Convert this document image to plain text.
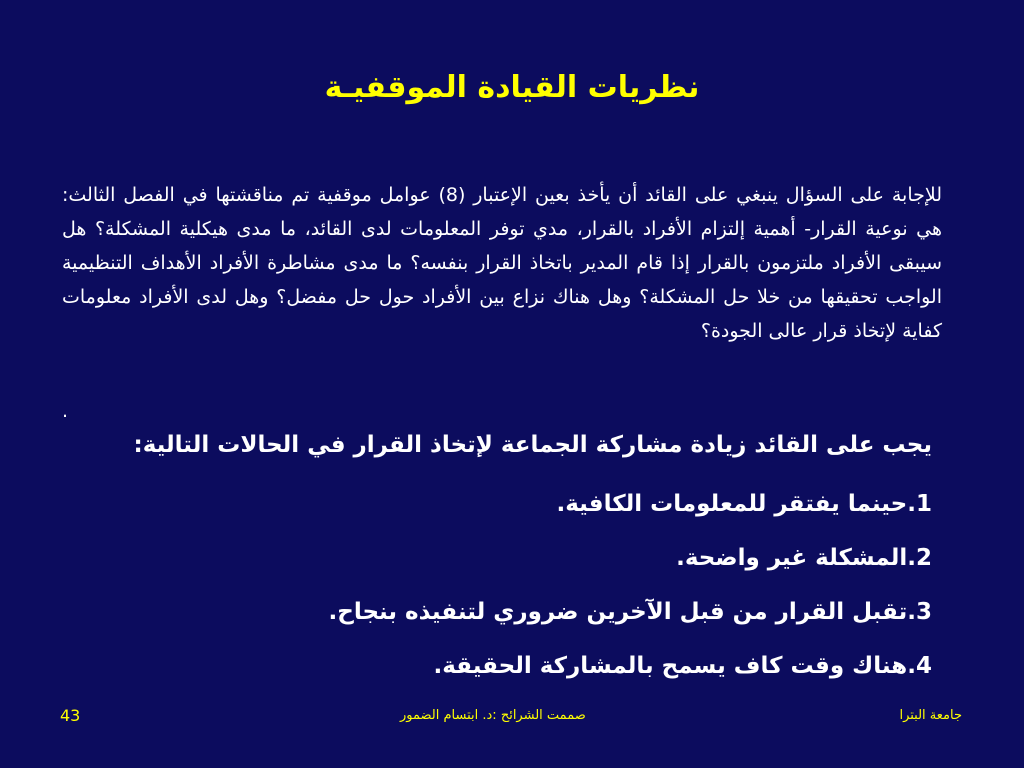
نظريات القيادة الموقفيـة
للإجابة على السؤال ينبغي على القائد أن يأخذ بعين الإعتبار (8) عوامل موقفية تم مناقشتها في الفصل الثالث: هي نوعية القرار- أهمية إلتزام الأفراد بالقرار، مدي توفر المعلومات لدى القائد، ما مدى هيكلية المشكلة؟ هل سيبقى الأفراد ملتزمون بالقرار إذا قام المدير باتخاذ القرار بنفسه؟ ما مدى مشاطرة الأفراد الأهداف التنظيمية الواجب تحقيقها من خلا حل المشكلة؟ وهل هناك نزاع بين الأفراد حول حل مفضل؟ وهل لدى الأفراد معلومات كفاية لإتخاذ قرار عالى الجودة؟
.
يجب على القائد زيادة مشاركة الجماعة لإتخاذ القرار في الحالات التالية:
1.حينما يفتقر للمعلومات الكافية.
2.المشكلة غير واضحة.
3.تقبل القرار من قبل الآخرين ضروري لتنفيذه بنجاح.
4.هناك وقت كاف يسمح بالمشاركة الحقيقة.
43	صممت الشرائح :د. ابتسام الضمور	جامعة البترا
